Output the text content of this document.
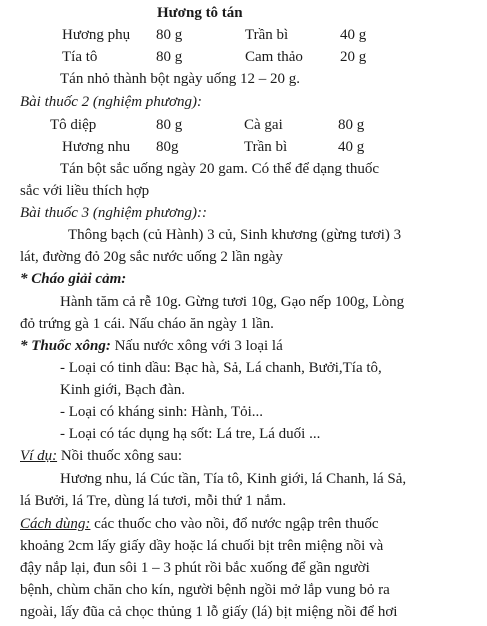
Hương tô tán
Hương phụ 80 g	Trần bì	40 g
Tía tô	80 g	Cam thảo 20 g
Tán nhỏ thành bột ngày uống 12 – 20 g.
Bài thuốc 2 (nghiệm phương):
Tô diệp	80 g	Cà gai	80 g
Hương nhu 80g	Trần bì	40 g
Tán bột sắc uống ngày 20 gam. Có thể để dạng thuốc
sắc với liều thích hợp
Bài thuốc 3 (nghiệm phương)::
Thông bạch (củ Hành) 3 củ, Sinh khương (gừng tươi) 3
lát, đường đỏ 20g sắc nước uống 2 lần ngày
* Cháo giải cảm:
Hành tăm cả rễ 10g. Gừng tươi 10g, Gạo nếp 100g, Lòng
đỏ trứng gà 1 cái. Nấu cháo ăn ngày 1 lần.
* Thuốc xông: Nấu nước xông với 3 loại lá
- Loại có tinh dầu: Bạc hà, Sả, Lá chanh, Bưởi,Tía tô,
Kinh giới, Bạch đàn.
- Loại có kháng sinh: Hành, Tỏi...
- Loại có tác dụng hạ sốt: Lá tre, Lá duối ...
Ví dụ: Nồi thuốc xông sau:
Hương nhu, lá Cúc tần, Tía tô, Kinh giới, lá Chanh, lá Sả,
lá Bưởi, lá Tre, dùng lá tươi, mỗi thứ 1 nắm.
Cách dùng: các thuốc cho vào nồi, đổ nước ngập trên thuốc
khoảng 2cm lấy giấy dầy hoặc lá chuối bịt trên miệng nồi và
đậy nắp lại, đun sôi 1 – 3 phút rồi bắc xuống để gần người
bệnh, chùm chăn cho kín, người bệnh ngồi mở lắp vung bỏ ra
ngoài, lấy đũa cả chọc thủng 1 lỗ giấy (lá) bịt miệng nồi để hơi
